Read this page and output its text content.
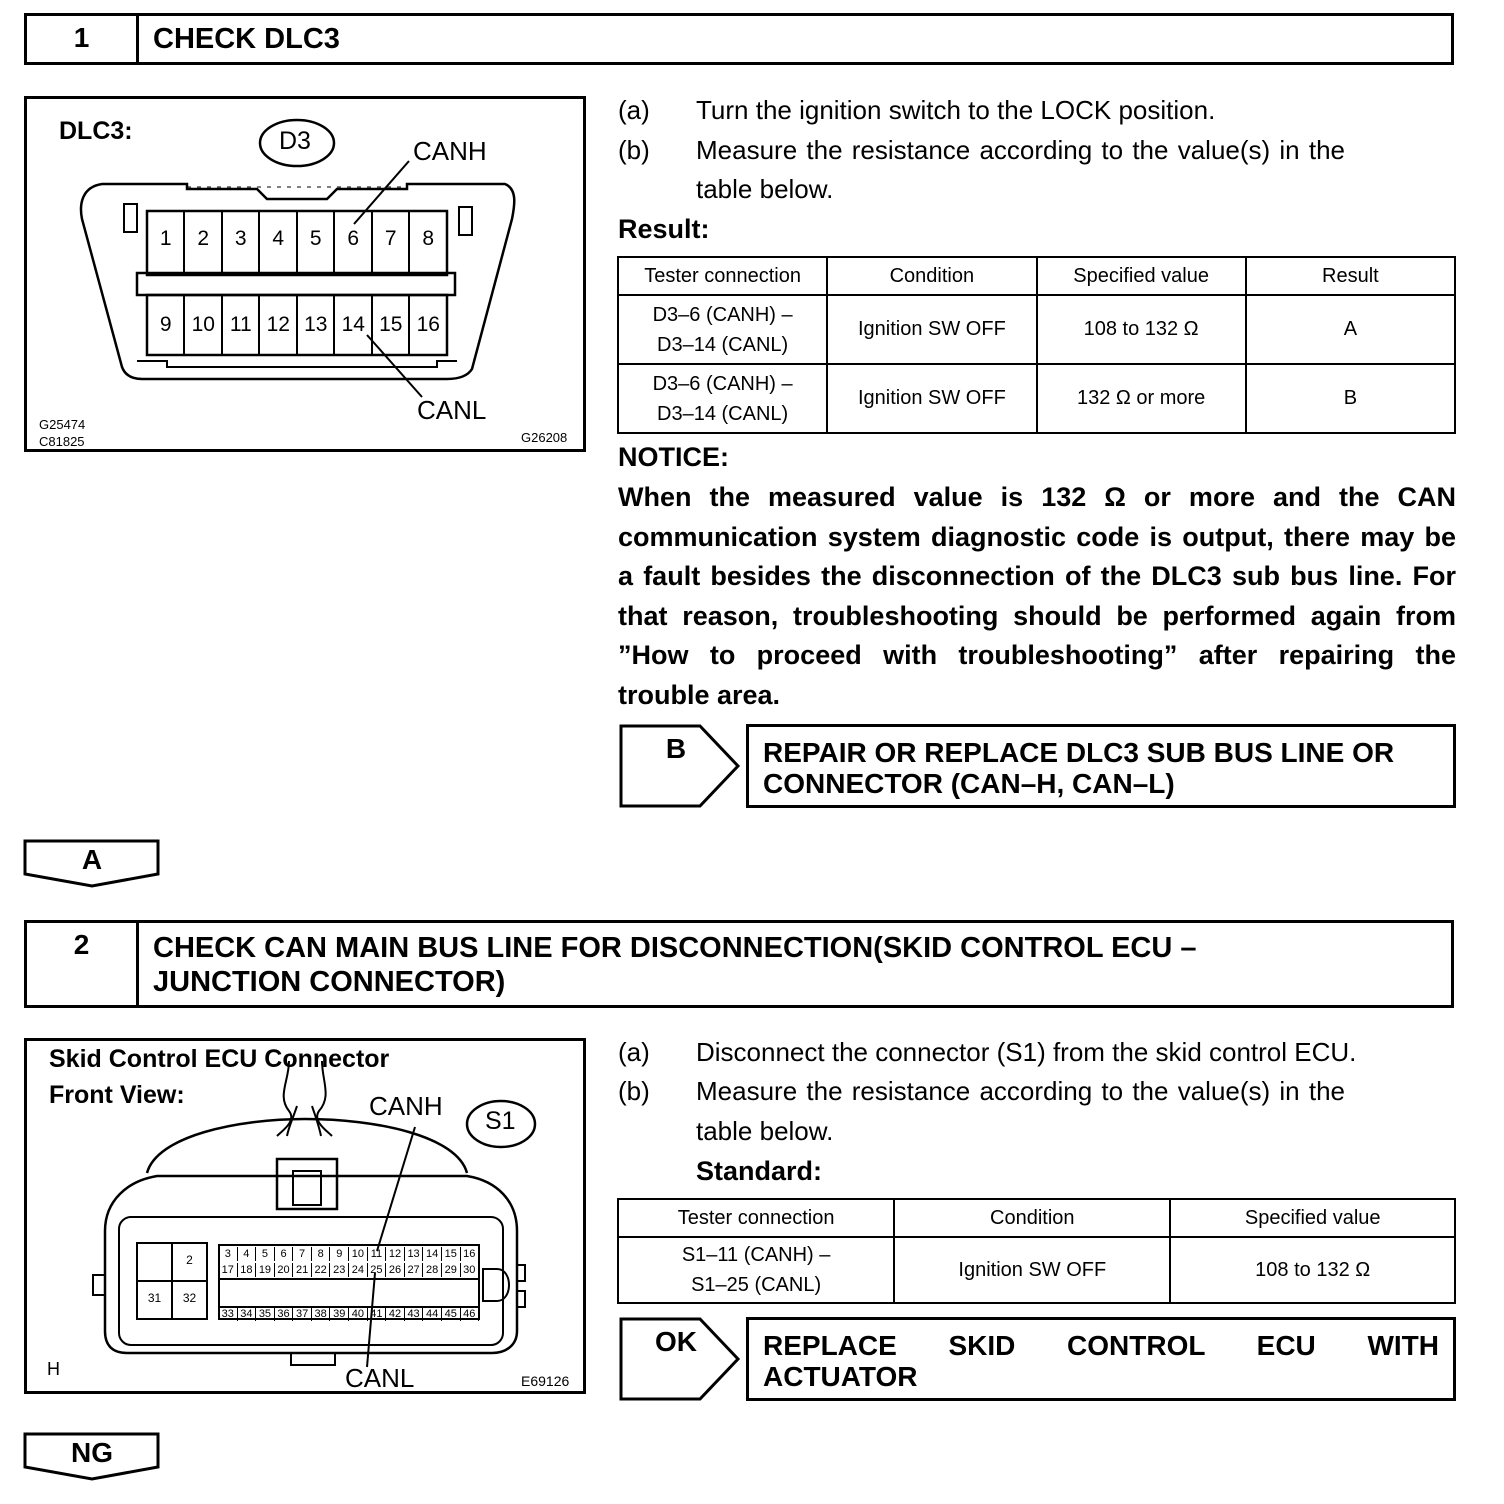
1	CHECK DLC3
DLC3:	D3	CANH
CANL
1	2	3	4	5	6	7	8
9 10 11 12 13 14 15 16
G25474
C81825	G26208
(a) Turn the ignition switch to the LOCK position.
(b) Measure the resistance according to the value(s) in the
table below.
Result:
Tester connection	Condition	Specified value	Result
D3–6 (CANH) –
D3–14 (CANL)	Ignition SW OFF	108 to 132 Ω	A
D3–6 (CANH) –
D3–14 (CANL)	Ignition SW OFF	132 Ω or more	B
NOTICE:
When the measured value is 132 Ω or more and the CAN communication system diagnostic code is output, there may be a fault besides the disconnection of the DLC3 sub bus line. For that reason, troubleshooting should be performed again from ”How to proceed with troubleshooting” after repairing the trouble area.
B	REPAIR OR REPLACE DLC3 SUB BUS LINE OR
CONNECTOR (CAN–H, CAN–L)
A
2	CHECK CAN MAIN BUS LINE FOR DISCONNECTION(SKID CONTROL ECU –
JUNCTION CONNECTOR)
Skid Control ECU Connector
Front View:
S1
CANH
CANL
H
E69126
1	2
31	32
3	4	5	6	7	8	9 10 11 12 13 14 15 16
17 18 19 20 21 22 23 24 25 26 27 28 29 30
33 34 35 36 37 38 39 40 41 42 43 44 45 46
(a) Disconnect the connector (S1) from the skid control ECU.
(b) Measure the resistance according to the value(s) in the
table below.
Standard:
Tester connection	Condition	Specified value
S1–11 (CANH) –
S1–25 (CANL)	Ignition SW OFF	108 to 132 Ω
OK	REPLACE SKID CONTROL ECU WITH
ACTUATOR
NG
